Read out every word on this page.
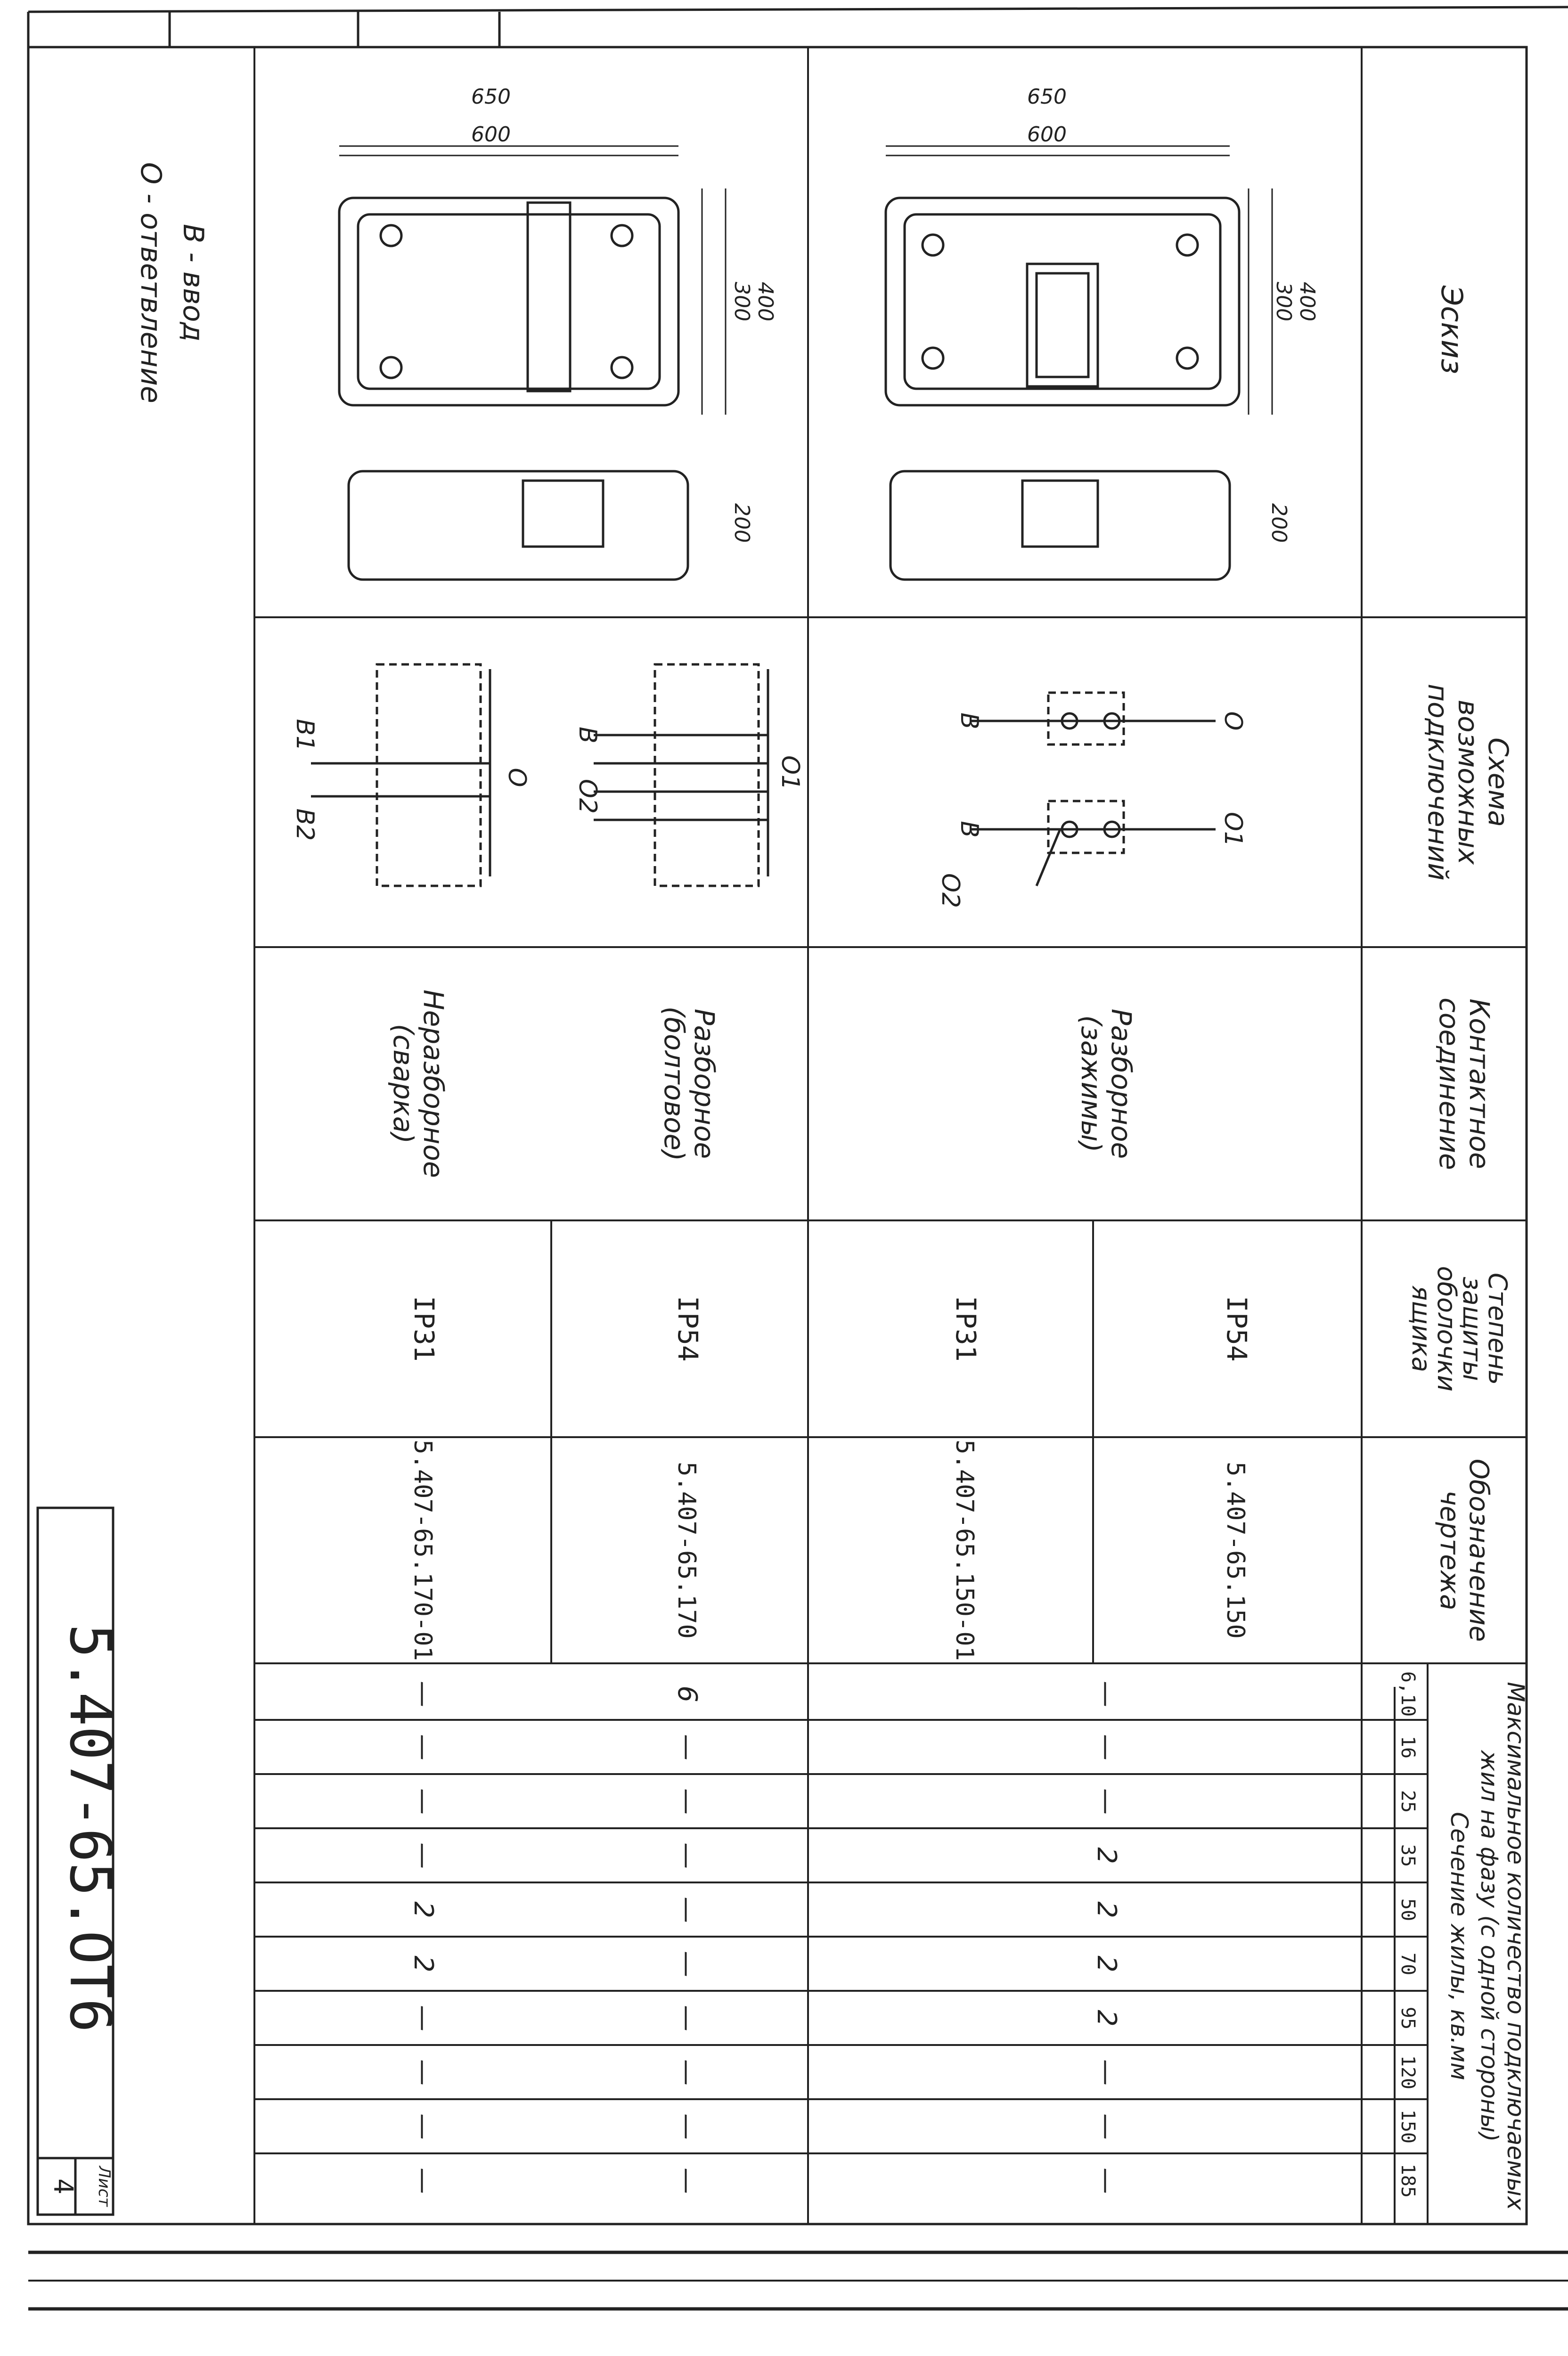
Эскиз
Схема
возможных
подключений
Контактное
соединение
Степень
защиты
оболочки
ящика
Обозначение
чертежа
Максимальное количество подключаемых
жил на фазу (с одной стороны)
Сечение жилы, кв.мм
6,10
16
25
35
50
70
95
120
150
185
Разборное
(зажимы)
IP54
5.407-65.150
IP31
5.407-65.150-01
—
—
—
2
2
2
2
—
—
—
Разборное
(болтовое)
IP54
5.407-65.170
6
—
—
—
—
—
—
—
—
—
Неразборное
(сварка)
IP31
5.407-65.170-01
—
—
—
—
2
2
—
—
—
—
650
600
400
300
200
650
600
400
300
200
О
В
О1
В
О2
О1
В
О2
О
В1
В2
В - ввод
О - ответвление
5.407-65.ОТ6
Лист
4
